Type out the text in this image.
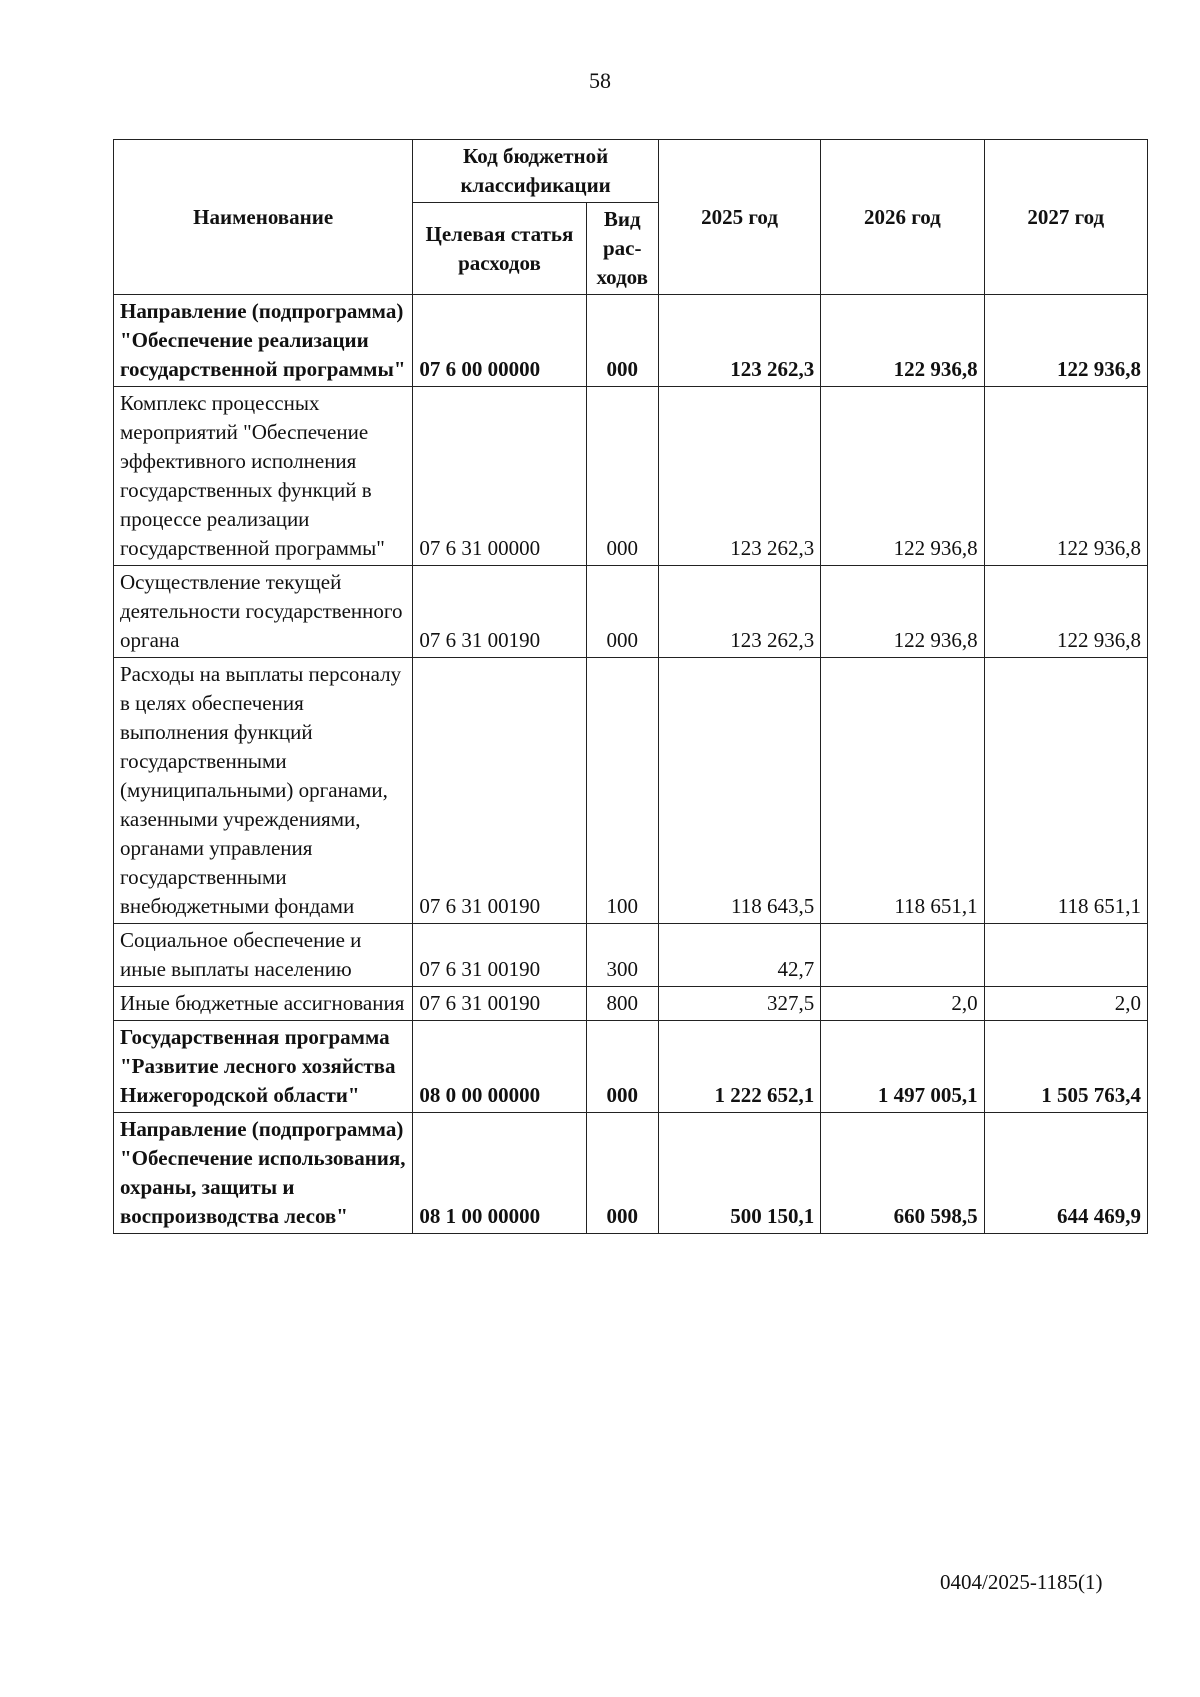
58
Наименование	Код бюджетной классификации		2025 год	2026 год	2027 год
	Целевая статья расходов	Вид рас-ходов			
Направление (подпрограмма) "Обеспечение реализации государственной программы"	07 6 00 00000	000	123 262,3	122 936,8	122 936,8
Комплекс процессных мероприятий "Обеспечение эффективного исполнения государственных функций в процессе реализации государственной программы"	07 6 31 00000	000	123 262,3	122 936,8	122 936,8
Осуществление текущей деятельности государственного органа	07 6 31 00190	000	123 262,3	122 936,8	122 936,8
Расходы на выплаты персоналу в целях обеспечения выполнения функций государственными (муниципальными) органами, казенными учреждениями, органами управления государственными внебюджетными фондами	07 6 31 00190	100	118 643,5	118 651,1	118 651,1
Социальное обеспечение и иные выплаты населению	07 6 31 00190	300	42,7		
Иные бюджетные ассигнования	07 6 31 00190	800	327,5	2,0	2,0
Государственная программа "Развитие лесного хозяйства Нижегородской области"	08 0 00 00000	000	1 222 652,1	1 497 005,1	1 505 763,4
Направление (подпрограмма) "Обеспечение использования, охраны, защиты и воспроизводства лесов"	08 1 00 00000	000	500 150,1	660 598,5	644 469,9
0404/2025-1185(1)
